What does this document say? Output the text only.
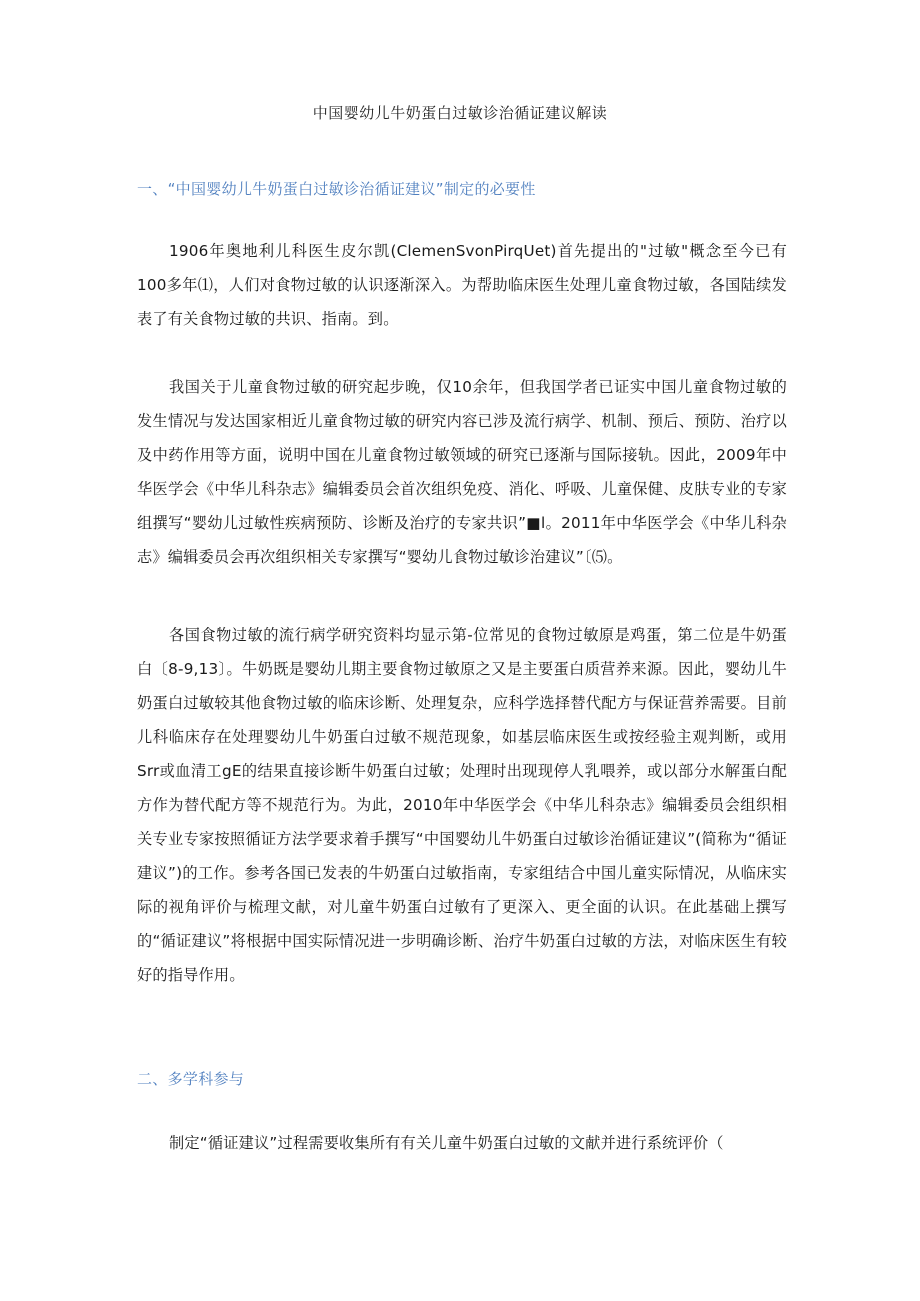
中国婴幼儿牛奶蛋白过敏诊治循证建议解读
一、“中国婴幼儿牛奶蛋白过敏诊治循证建议”制定的必要性

1906年奥地利儿科医生皮尔凯(ClemenSvonPirqUet)首先提出的"过敏"概念至今已有100多年⑴，人们对食物过敏的认识逐渐深入。为帮助临床医生处理儿童食物过敏，各国陆续发表了有关食物过敏的共识、指南。到。

我国关于儿童食物过敏的研究起步晚，仅10余年，但我国学者已证实中国儿童食物过敏的发生情况与发达国家相近儿童食物过敏的研究内容已涉及流行病学、机制、预后、预防、治疗以及中药作用等方面，说明中国在儿童食物过敏领域的研究已逐渐与国际接轨。因此，2009年中华医学会《中华儿科杂志》编辑委员会首次组织免疫、消化、呼吸、儿童保健、皮肤专业的专家组撰写“婴幼儿过敏性疾病预防、诊断及治疗的专家共识”■l。2011年中华医学会《中华儿科杂志》编辑委员会再次组织相关专家撰写“婴幼儿食物过敏诊治建议”〔⑸。

各国食物过敏的流行病学研究资料均显示第-位常见的食物过敏原是鸡蛋，第二位是牛奶蛋白〔8-9,13〕。牛奶既是婴幼儿期主要食物过敏原之又是主要蛋白质营养来源。因此，婴幼儿牛奶蛋白过敏较其他食物过敏的临床诊断、处理复杂，应科学选择替代配方与保证营养需要。目前儿科临床存在处理婴幼儿牛奶蛋白过敏不规范现象，如基层临床医生或按经验主观判断，或用Srr或血清工gE的结果直接诊断牛奶蛋白过敏；处理时出现现停人乳喂养，或以部分水解蛋白配方作为替代配方等不规范行为。为此，2010年中华医学会《中华儿科杂志》编辑委员会组织相关专业专家按照循证方法学要求着手撰写“中国婴幼儿牛奶蛋白过敏诊治循证建议”(简称为“循证建议”)的工作。参考各国已发表的牛奶蛋白过敏指南，专家组结合中国儿童实际情况，从临床实际的视角评价与梳理文献，对儿童牛奶蛋白过敏有了更深入、更全面的认识。在此基础上撰写的“循证建议”将根据中国实际情况进一步明确诊断、治疗牛奶蛋白过敏的方法，对临床医生有较好的指导作用。

二、多学科参与

制定“循证建议”过程需要收集所有有关儿童牛奶蛋白过敏的文献并进行系统评价（
